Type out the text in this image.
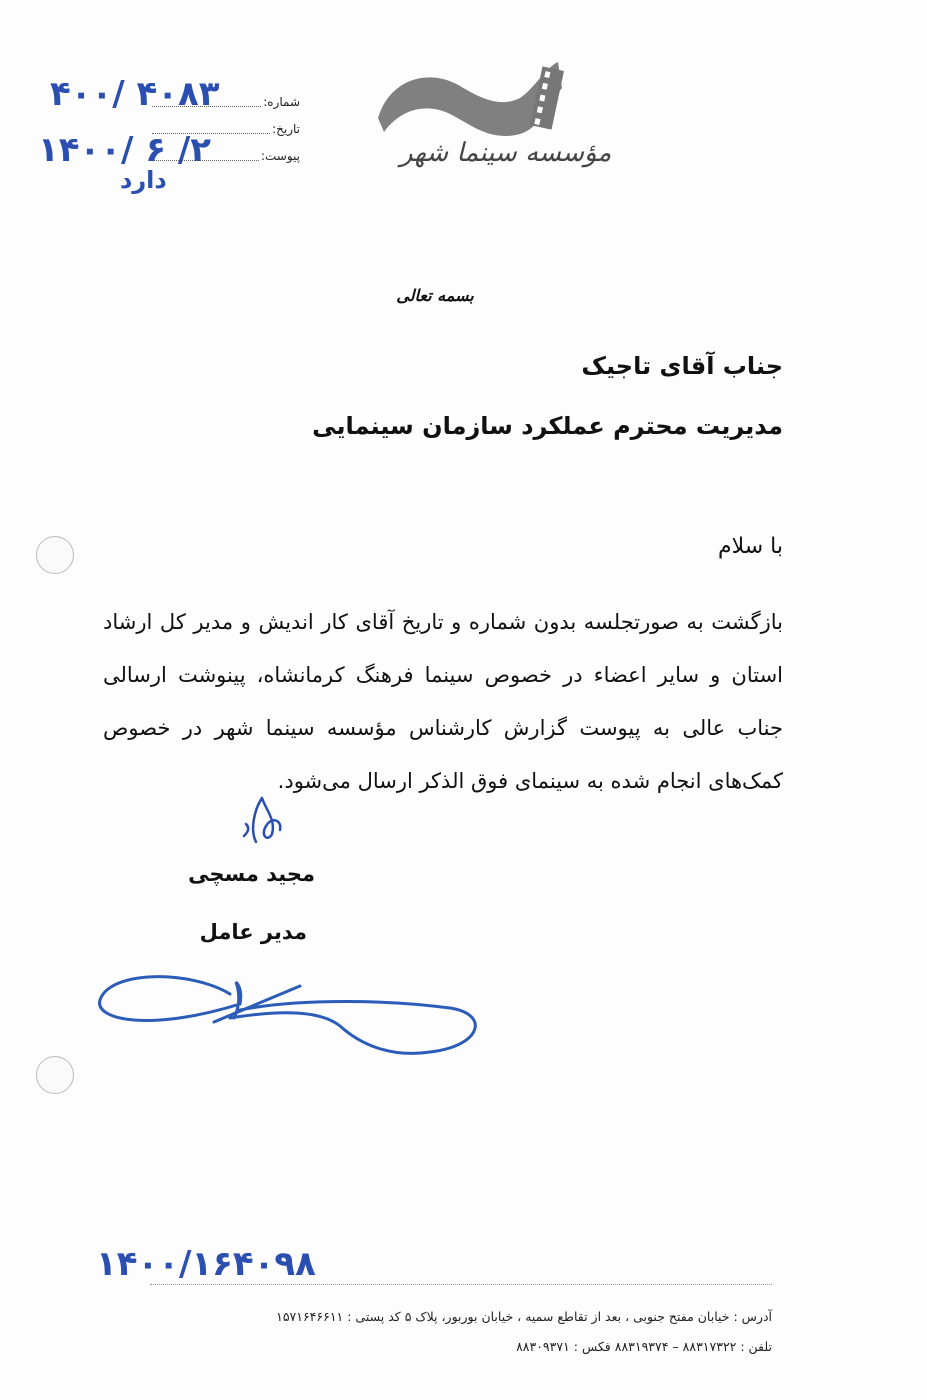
شماره:
تاریخ:
پیوست:
۴۰۰/ ۴۰۸۳
۱۴۰۰/ ۶ /۲
دارد
مؤسسه سینما شهر
بسمه تعالی
جناب آقای تاجیک
مدیریت محترم عملکرد سازمان سینمایی
با سلام
بازگشت به صورتجلسه بدون شماره و تاریخ آقای کار اندیش و مدیر کل ارشاد استان و سایر اعضاء در خصوص سینما فرهنگ کرمانشاه، پینوشت ارسالی جناب عالی به پیوست گزارش کارشناس مؤسسه سینما شهر در خصوص کمک‌های انجام شده به سینمای فوق الذکر ارسال می‌شود.
مجید مسچی
مدیر عامل
۱۴۰۰/۱۶۴۰۹۸
آدرس : خیابان مفتح جنوبی ، بعد از تقاطع سمیه ، خیابان بوربور، پلاک ۵ کد پستی : ۱۵۷۱۶۴۶۶۱۱
تلفن : ۸۸۳۱۷۳۲۲ – ۸۸۳۱۹۳۷۴ فکس : ۸۸۳۰۹۳۷۱
